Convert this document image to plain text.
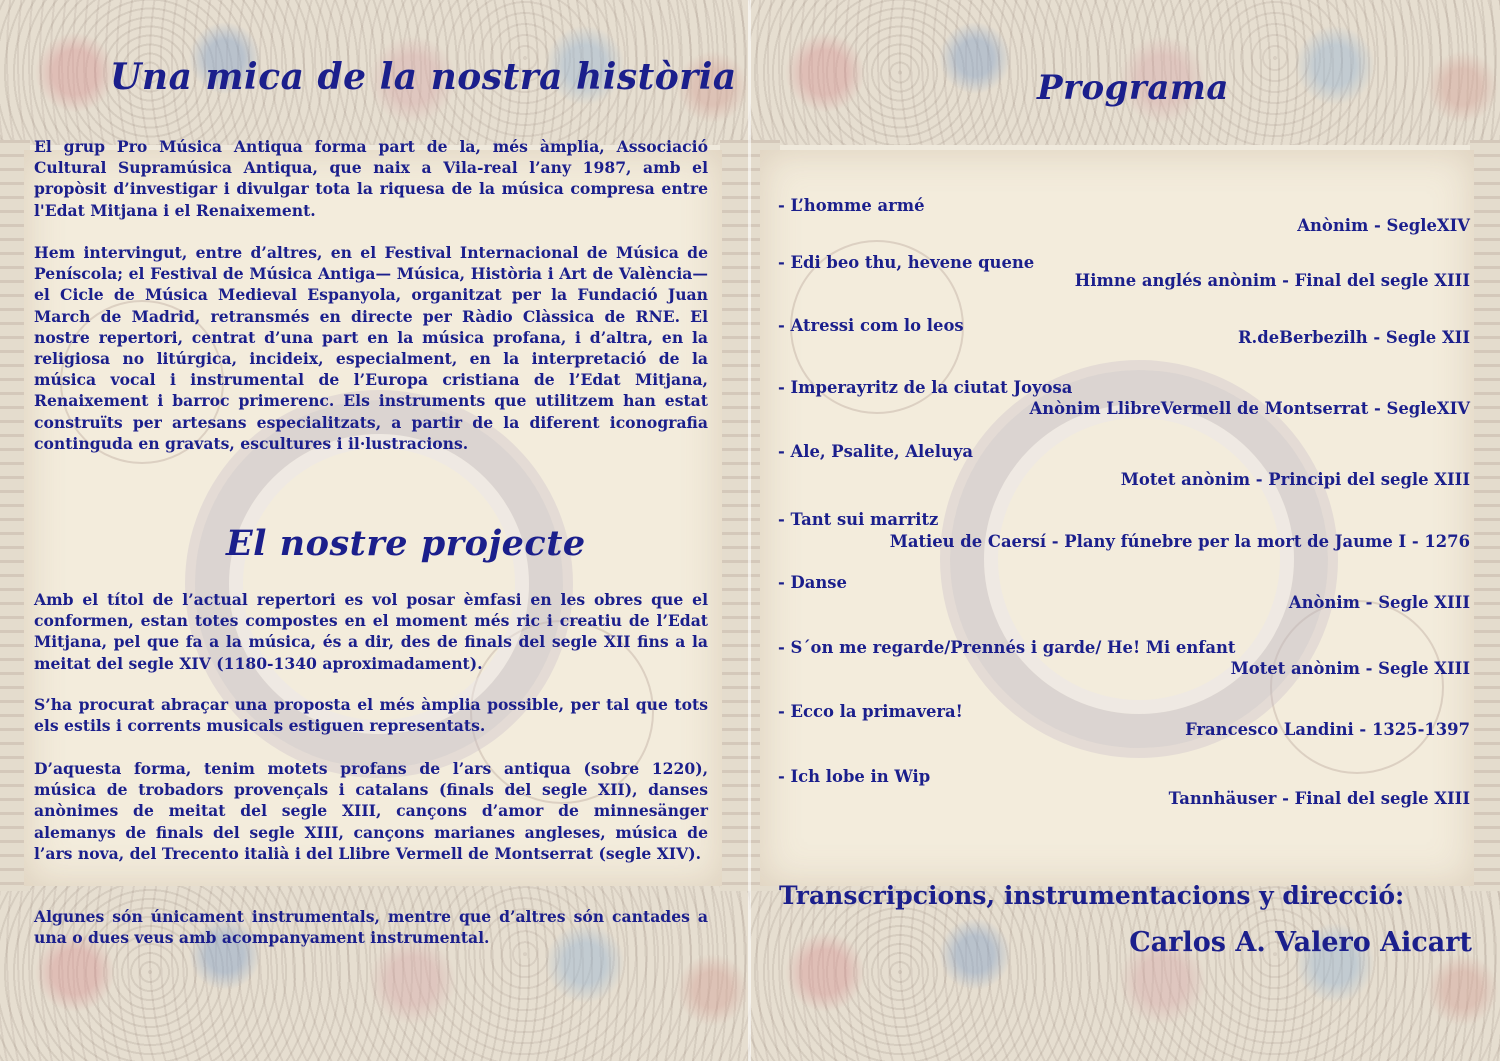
Una mica de la nostra història

El grup Pro Música Antiqua forma part de la, més àmplia, Associació Cultural Supramúsica Antiqua, que naix a Vila-real l’any 1987, amb el propòsit d’investigar i divulgar tota la riquesa de la música compresa entre l'Edat Mitjana i el Renaixement.

Hem intervingut, entre d’altres, en el Festival Internacional de Música de Peníscola; el Festival de Música Antiga— Música, Història i Art de València— el Cicle de Música Medieval Espanyola, organitzat per la Fundació Juan March de Madrid, retransmés en directe per Ràdio Clàssica de RNE. El nostre repertori, centrat d’una part en la música profana, i d’altra, en la religiosa no litúrgica, incideix, especialment, en la interpretació de la música vocal i instrumental de l’Europa cristiana de l’Edat Mitjana, Renaixement i barroc primerenc. Els instruments que utilitzem han estat construïts per artesans especialitzats, a partir de la diferent iconografia continguda en gravats, escultures i il·lustracions.

El nostre projecte

Amb el títol de l’actual repertori es vol posar èmfasi en les obres que el conformen, estan totes compostes en el moment més ric i creatiu de l’Edat Mitjana, pel que fa a la música, és a dir, des de finals del segle XII fins a la meitat del segle XIV (1180-1340 aproximadament).

S’ha procurat abraçar una proposta el més àmplia possible, per tal que tots els estils i corrents musicals estiguen representats.

D’aquesta forma, tenim motets profans de l’ars antiqua (sobre 1220), música de trobadors provençals i catalans (finals del segle XII), danses anònimes de meitat del segle XIII, cançons d’amor de minnesänger alemanys de finals del segle XIII, cançons marianes angleses, música de l’ars nova, del Trecento italià i del Llibre Vermell de Montserrat (segle XIV).

Algunes són únicament instrumentals, mentre que d’altres són cantades a una o dues veus amb acompanyament instrumental.

Programa

- L’homme armé

Anònim - SegleXIV

- Edi beo thu, hevene quene

Himne anglés anònim - Final del segle XIII

- Atressi com lo leos

R.deBerbezilh - Segle XII

- Imperayritz de la ciutat Joyosa

Anònim LlibreVermell de Montserrat - SegleXIV

- Ale, Psalite, Aleluya

Motet anònim - Principi del segle XIII

- Tant sui marritz

Matieu de Caersí - Plany fúnebre per la mort de Jaume I - 1276

- Danse

Anònim - Segle XIII

- S´on me regarde/Prennés i garde/ He! Mi enfant

Motet anònim - Segle XIII

- Ecco la primavera!

Francesco Landini - 1325-1397

- Ich lobe in Wip

Tannhäuser - Final del segle XIII

Transcripcions, instrumentacions y direcció:

Carlos A. Valero Aicart
